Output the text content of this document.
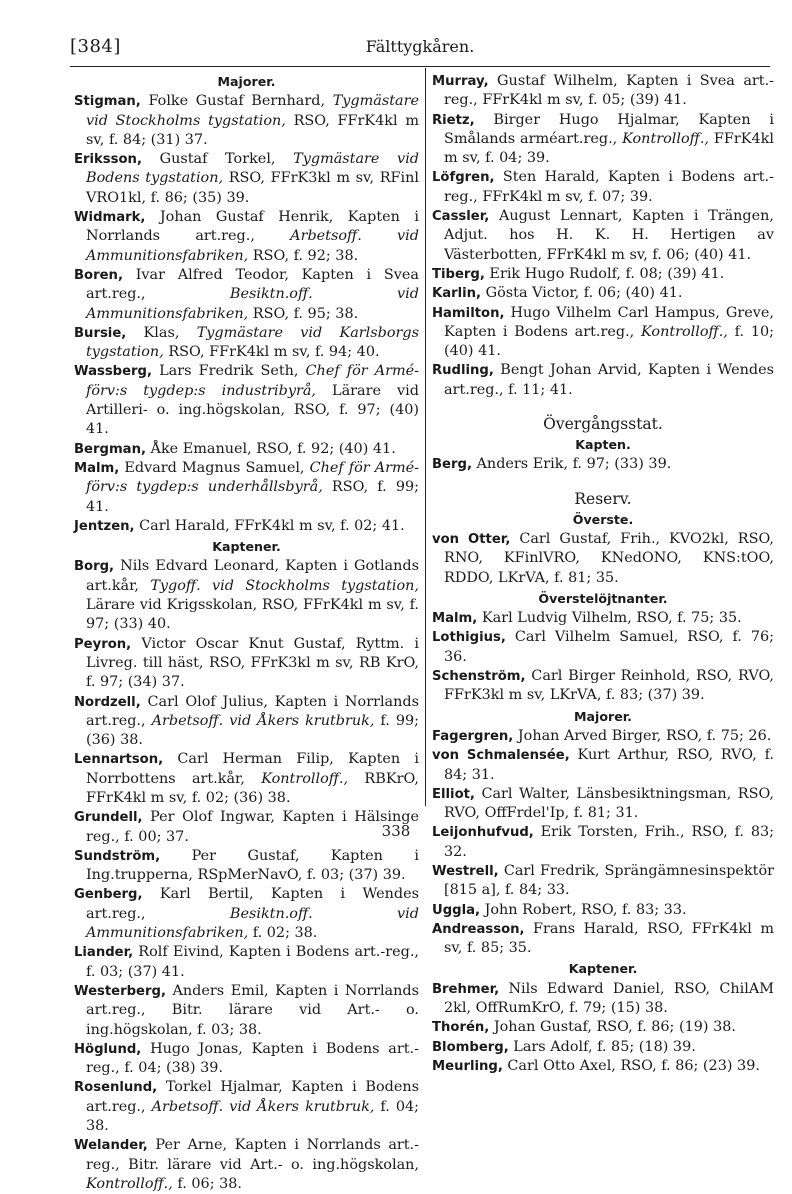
[384]	Fälttygkåren.
Majorer.

Stigman, Folke Gustaf Bernhard, Tygmästare vid Stockholms tygstation, RSO, FFrK4kl m sv, f. 84; (31) 37.

Eriksson, Gustaf Torkel, Tygmästare vid Bodens tygstation, RSO, FFrK3kl m sv, RFinl VRO1kl, f. 86; (35) 39.

Widmark, Johan Gustaf Henrik, Kapten i Norrlands art.reg., Arbetsoff. vid Ammunitionsfabriken, RSO, f. 92; 38.

Boren, Ivar Alfred Teodor, Kapten i Svea art.reg., Besiktn.off. vid Ammunitionsfabriken, RSO, f. 95; 38.

Bursie, Klas, Tygmästare vid Karlsborgs tygstation, RSO, FFrK4kl m sv, f. 94; 40.

Wassberg, Lars Fredrik Seth, Chef för Armé-förv:s tygdep:s industribyrå, Lärare vid Artilleri- o. ing.högskolan, RSO, f. 97; (40) 41.

Bergman, Åke Emanuel, RSO, f. 92; (40) 41.

Malm, Edvard Magnus Samuel, Chef för Armé-förv:s tygdep:s underhållsbyrå, RSO, f. 99; 41.

Jentzen, Carl Harald, FFrK4kl m sv, f. 02; 41.

Kaptener.

Borg, Nils Edvard Leonard, Kapten i Gotlands art.kår, Tygoff. vid Stockholms tygstation, Lärare vid Krigsskolan, RSO, FFrK4kl m sv, f. 97; (33) 40.

Peyron, Victor Oscar Knut Gustaf, Ryttm. i Livreg. till häst, RSO, FFrK3kl m sv, RB KrO, f. 97; (34) 37.

Nordzell, Carl Olof Julius, Kapten i Norrlands art.reg., Arbetsoff. vid Åkers krutbruk, f. 99; (36) 38.

Lennartson, Carl Herman Filip, Kapten i Norrbottens art.kår, Kontrolloff., RBKrO, FFrK4kl m sv, f. 02; (36) 38.

Grundell, Per Olof Ingwar, Kapten i Hälsinge reg., f. 00; 37.

Sundström, Per Gustaf, Kapten i Ing.trupperna, RSpMerNavO, f. 03; (37) 39.

Genberg, Karl Bertil, Kapten i Wendes art.reg., Besiktn.off. vid Ammunitionsfabriken, f. 02; 38.

Liander, Rolf Eivind, Kapten i Bodens art.-reg., f. 03; (37) 41.

Westerberg, Anders Emil, Kapten i Norrlands art.reg., Bitr. lärare vid Art.- o. ing.högskolan, f. 03; 38.

Höglund, Hugo Jonas, Kapten i Bodens art.-reg., f. 04; (38) 39.

Rosenlund, Torkel Hjalmar, Kapten i Bodens art.reg., Arbetsoff. vid Åkers krutbruk, f. 04; 38.

Welander, Per Arne, Kapten i Norrlands art.-reg., Bitr. lärare vid Art.- o. ing.högskolan, Kontrolloff., f. 06; 38.

Murray, Gustaf Wilhelm, Kapten i Svea art.-reg., FFrK4kl m sv, f. 05; (39) 41.

Rietz, Birger Hugo Hjalmar, Kapten i Smålands arméart.reg., Kontrolloff., FFrK4kl m sv, f. 04; 39.

Löfgren, Sten Harald, Kapten i Bodens art.-reg., FFrK4kl m sv, f. 07; 39.

Cassler, August Lennart, Kapten i Trängen, Adjut. hos H. K. H. Hertigen av Västerbotten, FFrK4kl m sv, f. 06; (40) 41.

Tiberg, Erik Hugo Rudolf, f. 08; (39) 41.

Karlin, Gösta Victor, f. 06; (40) 41.

Hamilton, Hugo Vilhelm Carl Hampus, Greve, Kapten i Bodens art.reg., Kontrolloff., f. 10; (40) 41.

Rudling, Bengt Johan Arvid, Kapten i Wendes art.reg., f. 11; 41.

Övergångsstat.
Kapten.

Berg, Anders Erik, f. 97; (33) 39.

Reserv.
Överste.

von Otter, Carl Gustaf, Frih., KVO2kl, RSO, RNO, KFinlVRO, KNedONO, KNS:tOO, RDDO, LKrVA, f. 81; 35.

Överstelöjtnanter.

Malm, Karl Ludvig Vilhelm, RSO, f. 75; 35.

Lothigius, Carl Vilhelm Samuel, RSO, f. 76; 36.

Schenström, Carl Birger Reinhold, RSO, RVO, FFrK3kl m sv, LKrVA, f. 83; (37) 39.

Majorer.

Fagergren, Johan Arved Birger, RSO, f. 75; 26.

von Schmalensée, Kurt Arthur, RSO, RVO, f. 84; 31.

Elliot, Carl Walter, Länsbesiktningsman, RSO, RVO, OffFrdel'Ip, f. 81; 31.

Leijonhufvud, Erik Torsten, Frih., RSO, f. 83; 32.

Westrell, Carl Fredrik, Sprängämnesinspektör [815 a], f. 84; 33.

Uggla, John Robert, RSO, f. 83; 33.

Andreasson, Frans Harald, RSO, FFrK4kl m sv, f. 85; 35.

Kaptener.

Brehmer, Nils Edward Daniel, RSO, ChilAM 2kl, OffRumKrO, f. 79; (15) 38.

Thorén, Johan Gustaf, RSO, f. 86; (19) 38.

Blomberg, Lars Adolf, f. 85; (18) 39.

Meurling, Carl Otto Axel, RSO, f. 86; (23) 39.

338
